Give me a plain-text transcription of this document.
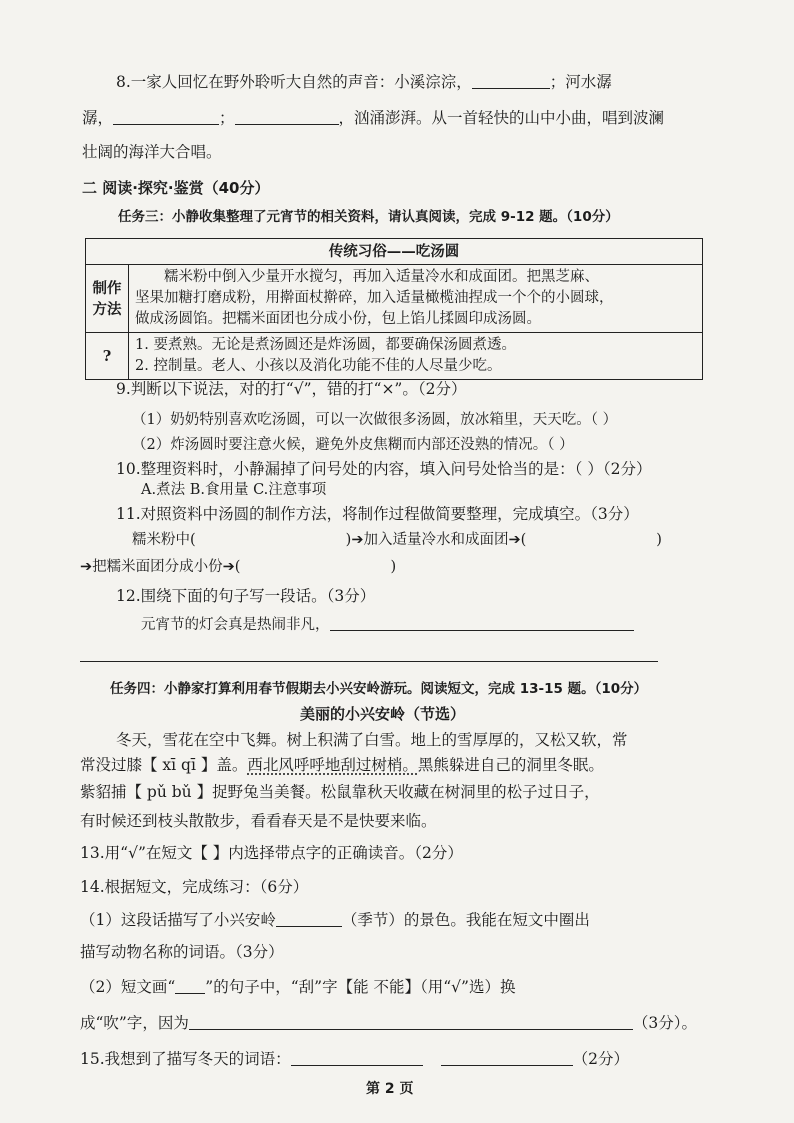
8.一家人回忆在野外聆听大自然的声音：小溪淙淙，	；河水潺
潺，	；	，汹涌澎湃。从一首轻快的山中小曲，唱到波澜
壮阔的海洋大合唱。
二 阅读·探究·鉴赏（40分）
任务三：小静收集整理了元宵节的相关资料，请认真阅读，完成 9-12 题。（10分）
传统习俗——吃汤圆	
制作方法	糯米粉中倒入少量开水搅匀，再加入适量冷水和成面团。把黑芝麻、
坚果加糖打磨成粉，用擀面杖擀碎，加入适量橄榄油捏成一个个的小圆球，
做成汤圆馅。把糯米面团也分成小份，包上馅儿揉圆印成汤圆。

?	1. 要煮熟。无论是煮汤圆还是炸汤圆，都要确保汤圆煮透。
2. 控制量。老人、小孩以及消化功能不佳的人尽量少吃。
9.判断以下说法，对的打“√”，错的打“×”。（2分）
（1）奶奶特别喜欢吃汤圆，可以一次做很多汤圆，放冰箱里，天天吃。（ ）
（2）炸汤圆时要注意火候，避免外皮焦糊而内部还没熟的情况。（ ）
10.整理资料时，小静漏掉了问号处的内容，填入问号处恰当的是：（ ）（2分）
A.煮法 B.食用量 C.注意事项
11.对照资料中汤圆的制作方法，将制作过程做简要整理，完成填空。（3分）
糯米粉中(	)➔加入适量冷水和成面团➔(	)
➔把糯米面团分成小份➔(	)
12.围绕下面的句子写一段话。（3分）
元宵节的灯会真是热闹非凡，
任务四：小静家打算利用春节假期去小兴安岭游玩。阅读短文，完成 13-15 题。（10分）
美丽的小兴安岭（节选）
冬天，雪花在空中飞舞。树上积满了白雪。地上的雪厚厚的，又松又软，常
常没过膝【 xī qī 】盖。西北风呼呼地刮过树梢。黑熊躲进自己的洞里冬眠。
紫貂捕【 pǔ bǔ 】捉野兔当美餐。松鼠靠秋天收藏在树洞里的松子过日子，
有时候还到枝头散散步，看看春天是不是快要来临。
13.用“√”在短文【 】内选择带点字的正确读音。（2分）
14.根据短文，完成练习：（6分）
（1）这段话描写了小兴安岭	（季节）的景色。我能在短文中圈出
描写动物名称的词语。（3分）
（2）短文画“ ”的句子中，“刮”字【能 不能】（用“√”选）换
成“吹”字，因为	（3分）。
15.我想到了描写冬天的词语：	（2分）
第 2 页
